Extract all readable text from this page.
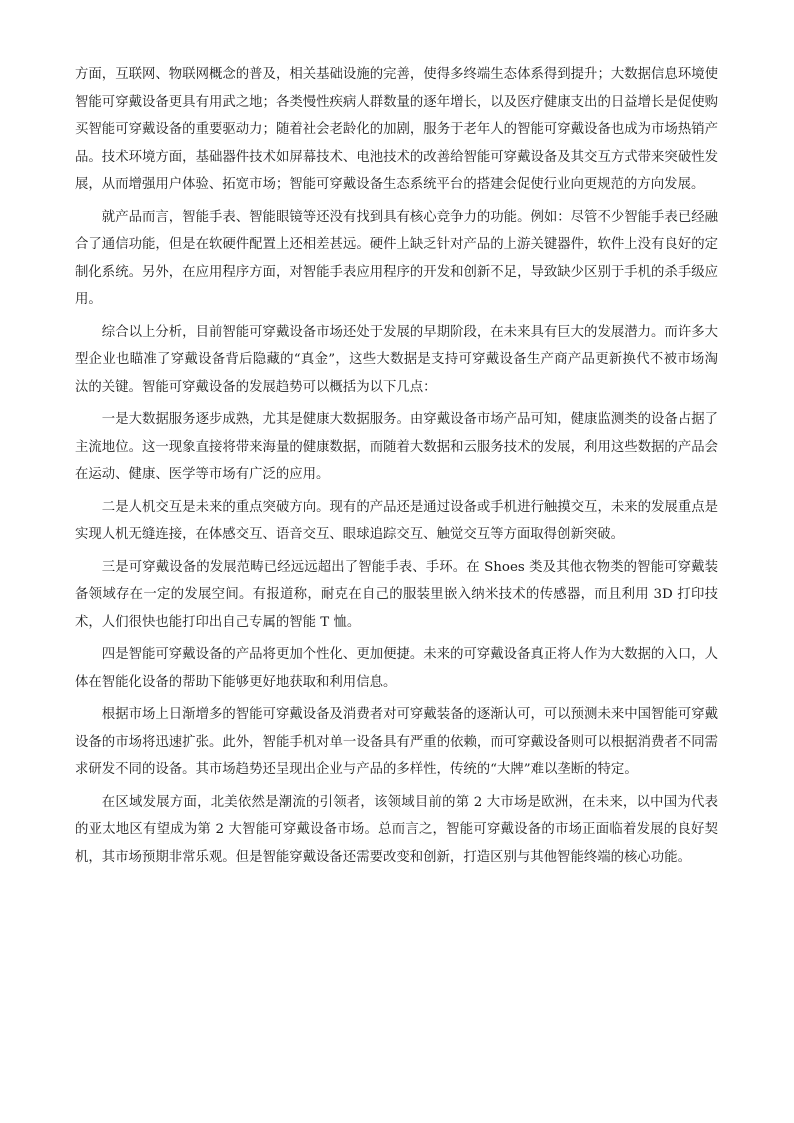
方面，互联网、物联网概念的普及，相关基础设施的完善，使得多终端生态体系得到提升；大数据信息环境使智能可穿戴设备更具有用武之地；各类慢性疾病人群数量的逐年增长，以及医疗健康支出的日益增长是促使购买智能可穿戴设备的重要驱动力；随着社会老龄化的加剧，服务于老年人的智能可穿戴设备也成为市场热销产品。技术环境方面，基础器件技术如屏幕技术、电池技术的改善给智能可穿戴设备及其交互方式带来突破性发展，从而增强用户体验、拓宽市场；智能可穿戴设备生态系统平台的搭建会促使行业向更规范的方向发展。

就产品而言，智能手表、智能眼镜等还没有找到具有核心竞争力的功能。例如：尽管不少智能手表已经融合了通信功能，但是在软硬件配置上还相差甚远。硬件上缺乏针对产品的上游关键器件，软件上没有良好的定制化系统。另外，在应用程序方面，对智能手表应用程序的开发和创新不足，导致缺少区别于手机的杀手级应用。

综合以上分析，目前智能可穿戴设备市场还处于发展的早期阶段，在未来具有巨大的发展潜力。而许多大型企业也瞄准了穿戴设备背后隐藏的“真金”，这些大数据是支持可穿戴设备生产商产品更新换代不被市场淘汰的关键。智能可穿戴设备的发展趋势可以概括为以下几点：

一是大数据服务逐步成熟，尤其是健康大数据服务。由穿戴设备市场产品可知，健康监测类的设备占据了主流地位。这一现象直接将带来海量的健康数据，而随着大数据和云服务技术的发展，利用这些数据的产品会在运动、健康、医学等市场有广泛的应用。

二是人机交互是未来的重点突破方向。现有的产品还是通过设备或手机进行触摸交互，未来的发展重点是实现人机无缝连接，在体感交互、语音交互、眼球追踪交互、触觉交互等方面取得创新突破。

三是可穿戴设备的发展范畴已经远远超出了智能手表、手环。在 Shoes 类及其他衣物类的智能可穿戴装备领域存在一定的发展空间。有报道称，耐克在自己的服装里嵌入纳米技术的传感器，而且利用 3D 打印技术，人们很快也能打印出自己专属的智能 T 恤。

四是智能可穿戴设备的产品将更加个性化、更加便捷。未来的可穿戴设备真正将人作为大数据的入口，人体在智能化设备的帮助下能够更好地获取和利用信息。

根据市场上日渐增多的智能可穿戴设备及消费者对可穿戴装备的逐渐认可，可以预测未来中国智能可穿戴设备的市场将迅速扩张。此外，智能手机对单一设备具有严重的依赖，而可穿戴设备则可以根据消费者不同需求研发不同的设备。其市场趋势还呈现出企业与产品的多样性，传统的“大牌”难以垄断的特定。

在区域发展方面，北美依然是潮流的引领者，该领域目前的第 2 大市场是欧洲，在未来，以中国为代表的亚太地区有望成为第 2 大智能可穿戴设备市场。总而言之，智能可穿戴设备的市场正面临着发展的良好契机，其市场预期非常乐观。但是智能穿戴设备还需要改变和创新，打造区别与其他智能终端的核心功能。
